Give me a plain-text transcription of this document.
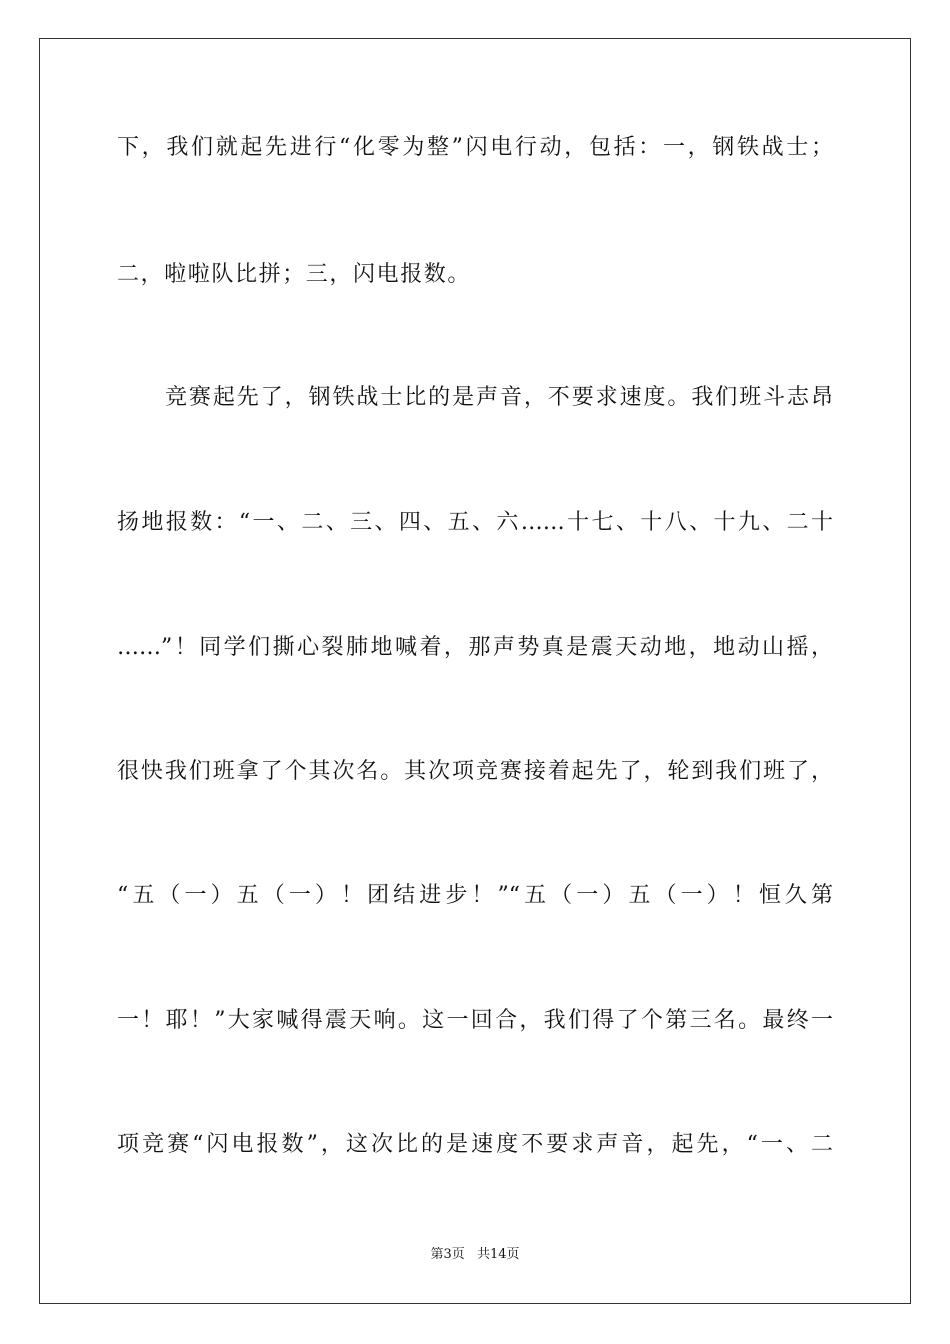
下，我们就起先进行“化零为整”闪电行动，包括：一，钢铁战士；
二，啦啦队比拼；三，闪电报数。
竞赛起先了，钢铁战士比的是声音，不要求速度。我们班斗志昂
扬地报数：“一、二、三、四、五、六……十七、十八、十九、二十
……”！同学们撕心裂肺地喊着，那声势真是震天动地，地动山摇，
很快我们班拿了个其次名。其次项竞赛接着起先了，轮到我们班了，
“五（一）五（一）！团结进步！”“五（一）五（一）！恒久第
一！耶！”大家喊得震天响。这一回合，我们得了个第三名。最终一
项竞赛“闪电报数”，这次比的是速度不要求声音，起先，“一、二
第3页 共14页
